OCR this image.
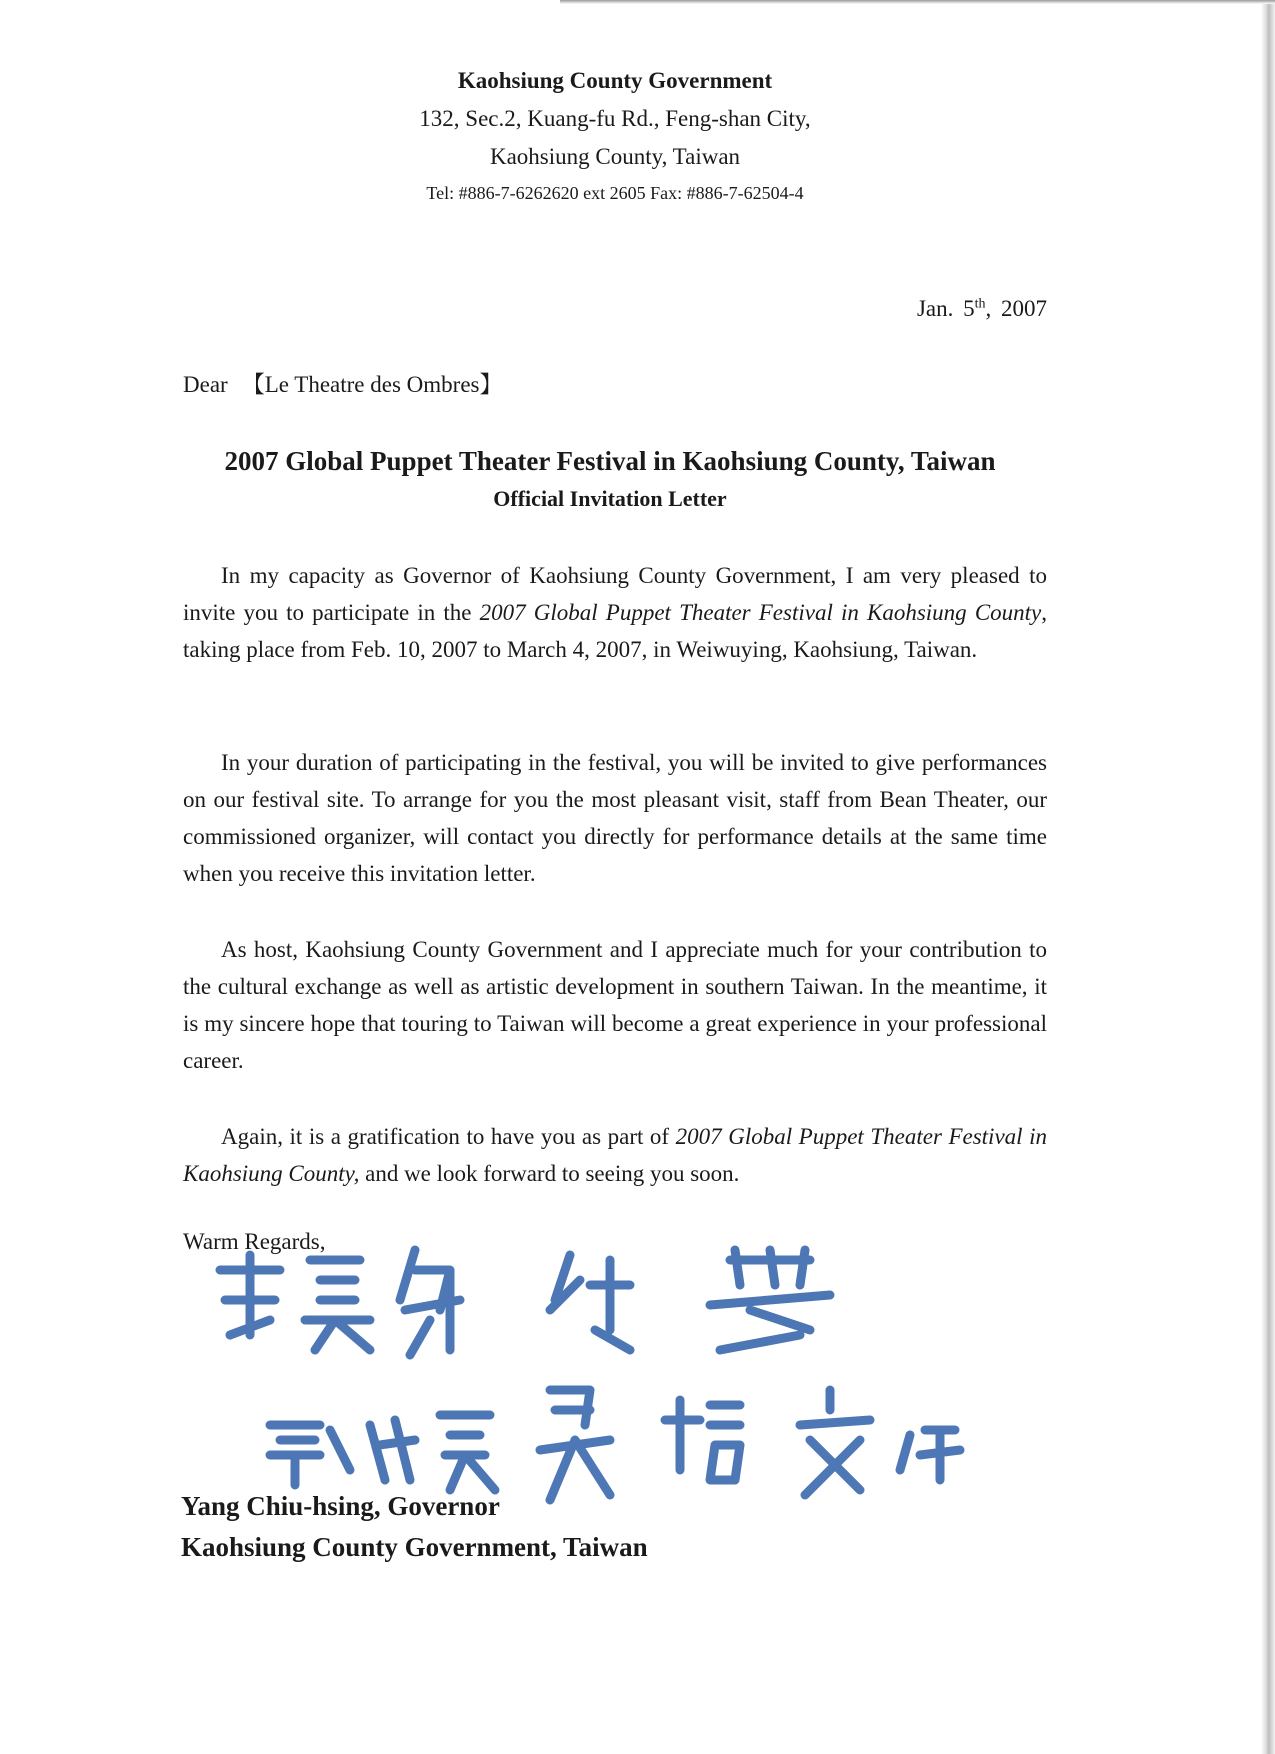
Kaohsiung County Government
132, Sec.2, Kuang-fu Rd., Feng-shan City,
Kaohsiung County, Taiwan
Tel: #886-7-6262620 ext 2605 Fax: #886-7-62504-4
Jan. 5th, 2007
Dear 【Le Theatre des Ombres】
2007 Global Puppet Theater Festival in Kaohsiung County, Taiwan
Official Invitation Letter

In my capacity as Governor of Kaohsiung County Government, I am very pleased to invite you to participate in the 2007 Global Puppet Theater Festival in Kaohsiung County, taking place from Feb. 10, 2007 to March 4, 2007, in Weiwuying, Kaohsiung, Taiwan.

In your duration of participating in the festival, you will be invited to give performances on our festival site. To arrange for you the most pleasant visit, staff from Bean Theater, our commissioned organizer, will contact you directly for performance details at the same time when you receive this invitation letter.

As host, Kaohsiung County Government and I appreciate much for your contribution to the cultural exchange as well as artistic development in southern Taiwan. In the meantime, it is my sincere hope that touring to Taiwan will become a great experience in your professional career.

Again, it is a gratification to have you as part of 2007 Global Puppet Theater Festival in Kaohsiung County, and we look forward to seeing you soon.

Warm Regards,
Yang Chiu-hsing, Governor
Kaohsiung County Government, Taiwan
